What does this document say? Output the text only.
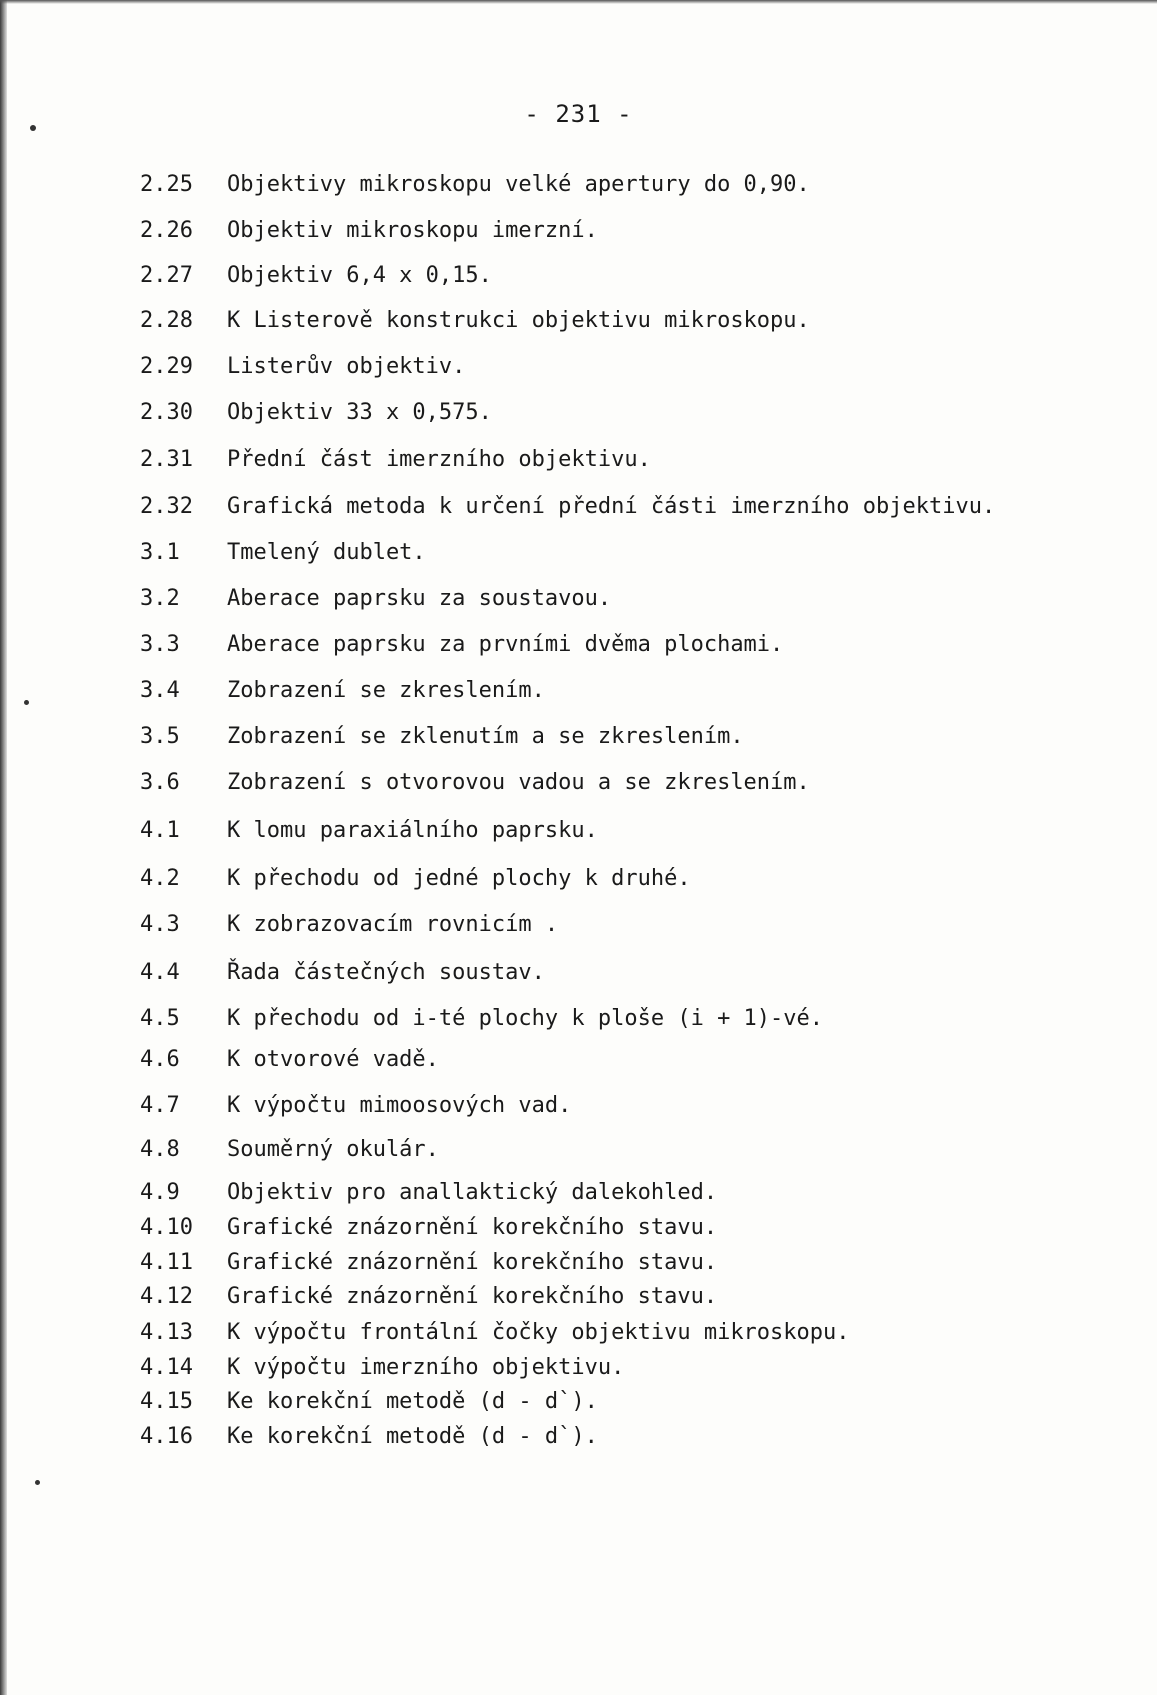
- 231 -
2.25	Objektivy mikroskopu velké apertury do 0,90.
2.26	Objektiv mikroskopu imerzní.
2.27	Objektiv 6,4 x 0,15.
2.28	K Listerově konstrukci objektivu mikroskopu.
2.29	Listerův objektiv.
2.30	Objektiv 33 x 0,575.
2.31	Přední část imerzního objektivu.
2.32	Grafická metoda k určení přední části imerzního objektivu.
3.1	Tmelený dublet.
3.2	Aberace paprsku za soustavou.
3.3	Aberace paprsku za prvními dvěma plochami.
3.4	Zobrazení se zkreslením.
3.5	Zobrazení se zklenutím a se zkreslením.
3.6	Zobrazení s otvorovou vadou a se zkreslením.
4.1	K lomu paraxiálního paprsku.
4.2	K přechodu od jedné plochy k druhé.
4.3	K zobrazovacím rovnicím .
4.4	Řada částečných soustav.
4.5	K přechodu od i-té plochy k ploše (i + 1)-vé.
4.6	K otvorové vadě.
4.7	K výpočtu mimoosových vad.
4.8	Souměrný okulár.
4.9	Objektiv pro anallaktický dalekohled.
4.10	Grafické znázornění korekčního stavu.
4.11	Grafické znázornění korekčního stavu.
4.12	Grafické znázornění korekčního stavu.
4.13	K výpočtu frontální čočky objektivu mikroskopu.
4.14	K výpočtu imerzního objektivu.
4.15	Ke korekční metodě (d - d`).
4.16	Ke korekční metodě (d - d`).
